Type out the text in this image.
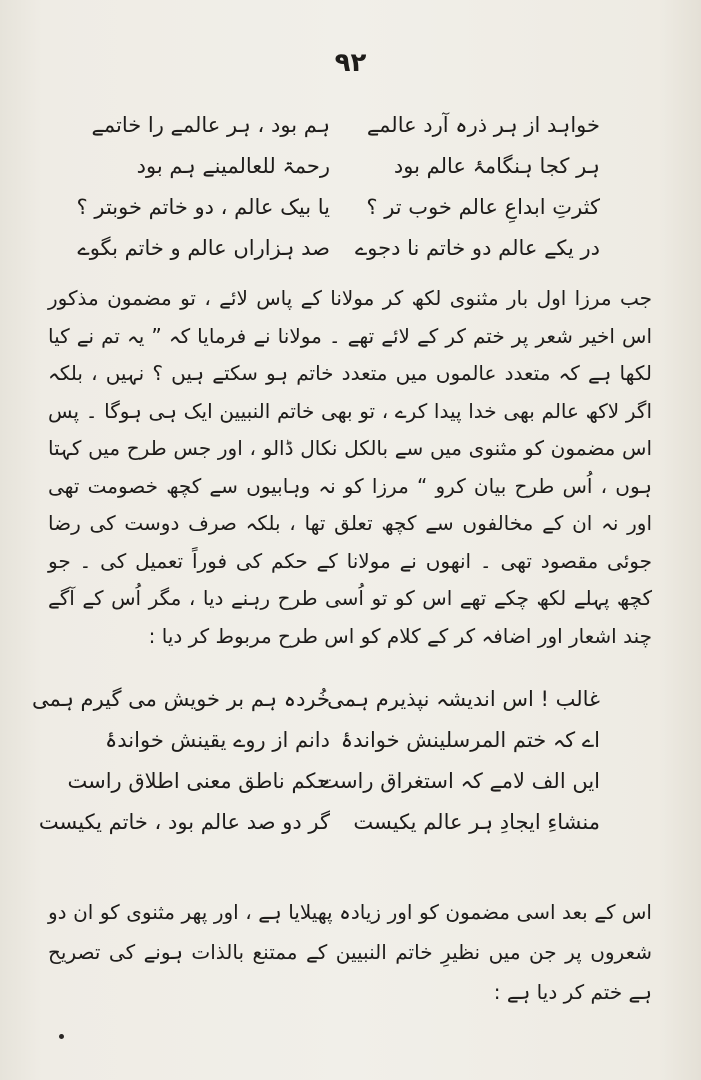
۹۲
خواہد از ہر ذرہ آرد عالمے
ہم بود ، ہر عالمے را خاتمے
ہر کجا ہنگامۂ عالم بود
رحمۃ للعالمینے ہم بود
کثرتِ ابداعِ عالم خوب تر ؟
یا بیک عالم ، دو خاتم خوبتر ؟
در یکے عالم دو خاتم نا دجوے
صد ہزاراں عالم و خاتم بگوے

جب مرزا اول بار مثنوی لکھ کر مولانا کے پاس لائے ، تو مضمون مذکور اس اخیر شعر پر ختم کر کے لائے تھے ۔ مولانا نے فرمایا کہ ” یہ تم نے کیا لکھا ہے کہ متعدد عالموں میں متعدد خاتم ہو سکتے ہیں ؟ نہیں ، بلکہ اگر لاکھ عالم بھی خدا پیدا کرے ، تو بھی خاتم النبیین ایک ہی ہوگا ۔ پس اس مضمون کو مثنوی میں سے بالکل نکال ڈالو ، اور جس طرح میں کہتا ہوں ، اُس طرح بیان کرو “ مرزا کو نہ وہابیوں سے کچھ خصومت تھی اور نہ ان کے مخالفوں سے کچھ تعلق تھا ، بلکہ صرف دوست کی رضا جوئی مقصود تھی ۔ انھوں نے مولانا کے حکم کی فوراً تعمیل کی ۔ جو کچھ پہلے لکھ چکے تھے اس کو تو اُسی طرح رہنے دیا ، مگر اُس کے آگے چند اشعار اور اضافہ کر کے کلام کو اس طرح مربوط کر دیا :

غالب ! اس اندیشہ نپذیرم ہمی
خُردہ ہم بر خویش می گیرم ہمی
اے کہ ختم المرسلینش خواندۂ
دانم از روے یقینش خواندۂ
ایں الف لامے کہ استغراق راست
حکم ناطق معنی اطلاق راست
منشاءِ ایجادِ ہر عالم یکیست
گر دو صد عالم بود ، خاتم یکیست

اس کے بعد اسی مضمون کو اور زیادہ پھیلایا ہے ، اور پھر مثنوی کو ان دو شعروں پر جن میں نظیرِ خاتم النبیین کے ممتنع بالذات ہونے کی تصریح ہے ختم کر دیا ہے :
